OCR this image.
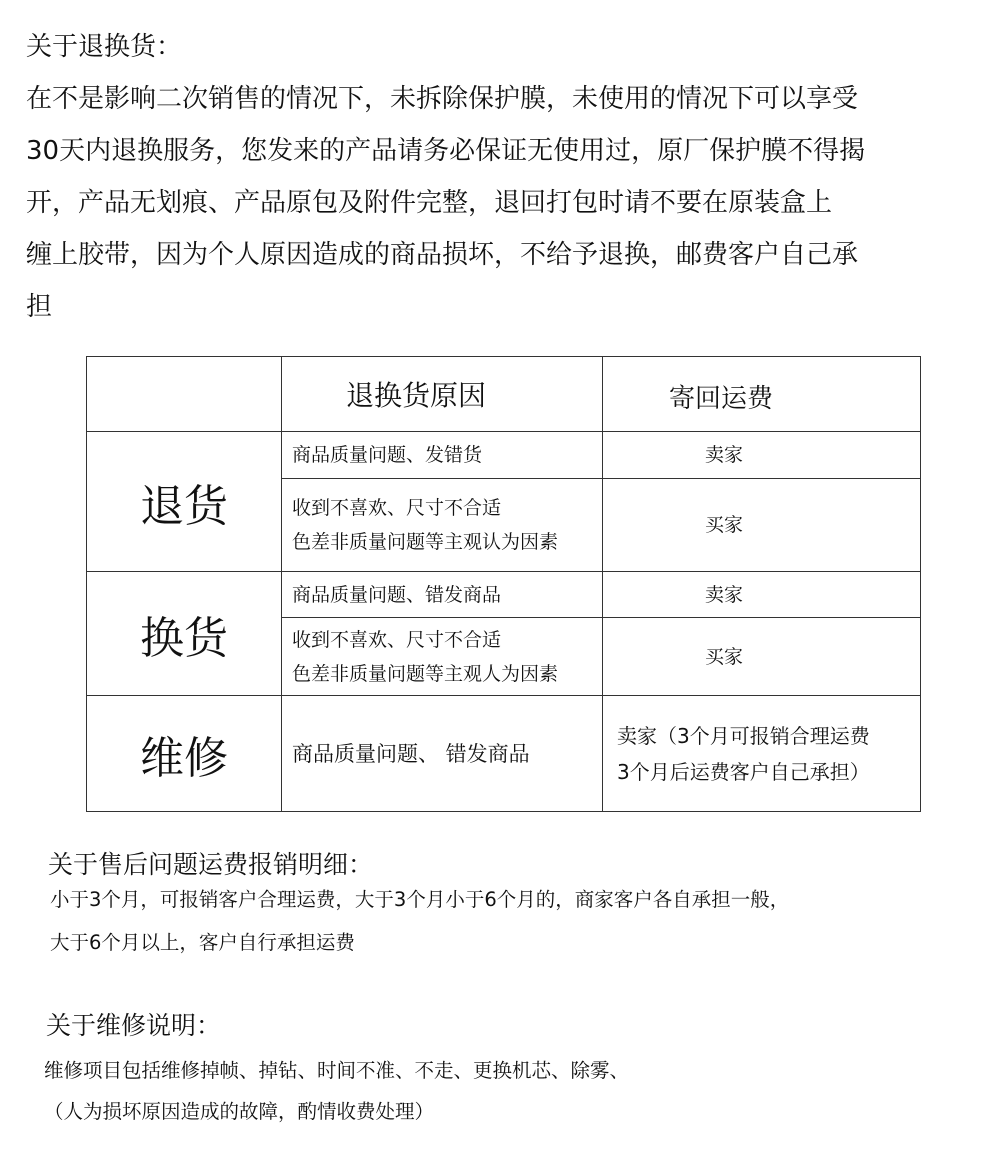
关于退换货：
在不是影响二次销售的情况下，未拆除保护膜，未使用的情况下可以享受
30天内退换服务，您发来的产品请务必保证无使用过，原厂保护膜不得揭
开，产品无划痕、产品原包及附件完整，退回打包时请不要在原装盒上
缠上胶带，因为个人原因造成的商品损坏，不给予退换，邮费客户自己承
担
	退换货原因	寄回运费
退货	商品质量问题、发错货	卖家

	收到不喜欢、尺寸不合适
色差非质量问题等主观认为因素	买家

换货	商品质量问题、错发商品	卖家

	收到不喜欢、尺寸不合适
色差非质量问题等主观人为因素	买家

维修	商品质量问题、 错发商品	卖家（3个月可报销合理运费
3个月后运费客户自己承担）
关于售后问题运费报销明细：
小于3个月，可报销客户合理运费，大于3个月小于6个月的，商家客户各自承担一般，
大于6个月以上，客户自行承担运费
关于维修说明：
维修项目包括维修掉帧、掉钻、时间不准、不走、更换机芯、除雾、
（人为损坏原因造成的故障，酌情收费处理）
